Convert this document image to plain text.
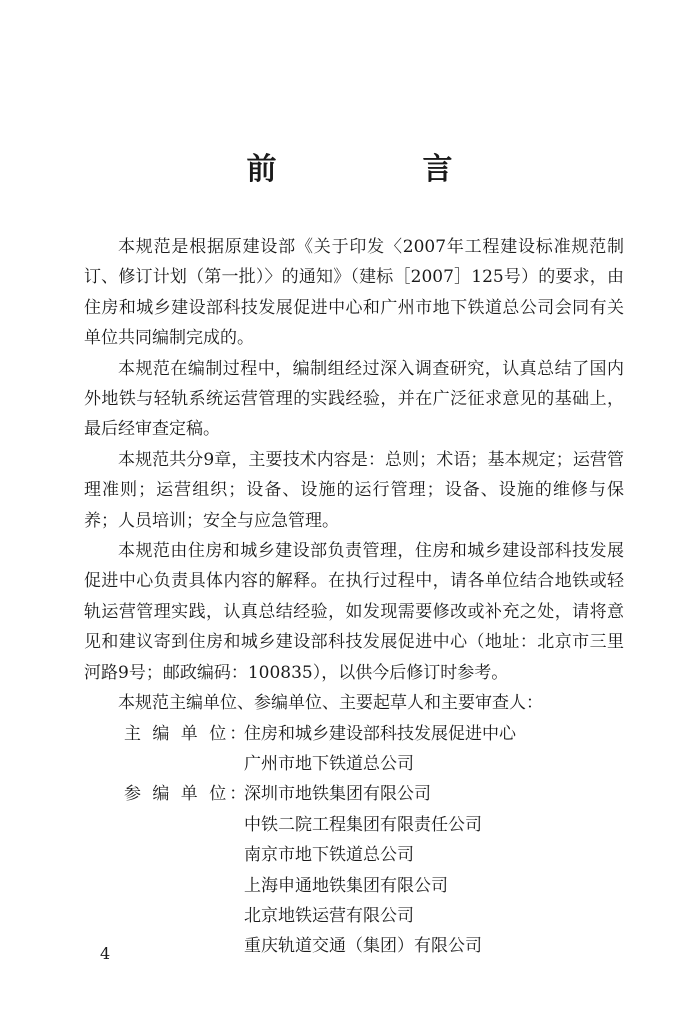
前　言

本规范是根据原建设部《关于印发〈2007年工程建设标准规范制订、修订计划（第一批）〉的通知》（建标［2007］125号）的要求，由住房和城乡建设部科技发展促进中心和广州市地下铁道总公司会同有关单位共同编制完成的。

本规范在编制过程中，编制组经过深入调查研究，认真总结了国内外地铁与轻轨系统运营管理的实践经验，并在广泛征求意见的基础上，最后经审查定稿。

本规范共分9章，主要技术内容是：总则；术语；基本规定；运营管理准则；运营组织；设备、设施的运行管理；设备、设施的维修与保养；人员培训；安全与应急管理。

本规范由住房和城乡建设部负责管理，住房和城乡建设部科技发展促进中心负责具体内容的解释。在执行过程中，请各单位结合地铁或轻轨运营管理实践，认真总结经验，如发现需要修改或补充之处，请将意见和建议寄到住房和城乡建设部科技发展促进中心（地址：北京市三里河路9号；邮政编码：100835），以供今后修订时参考。

本规范主编单位、参编单位、主要起草人和主要审查人：

主 编 单 位：
住房和城乡建设部科技发展促进中心
广州市地下铁道总公司
参 编 单 位：
深圳市地铁集团有限公司
中铁二院工程集团有限责任公司
南京市地下铁道总公司
上海申通地铁集团有限公司
北京地铁运营有限公司
重庆轨道交通（集团）有限公司
4
